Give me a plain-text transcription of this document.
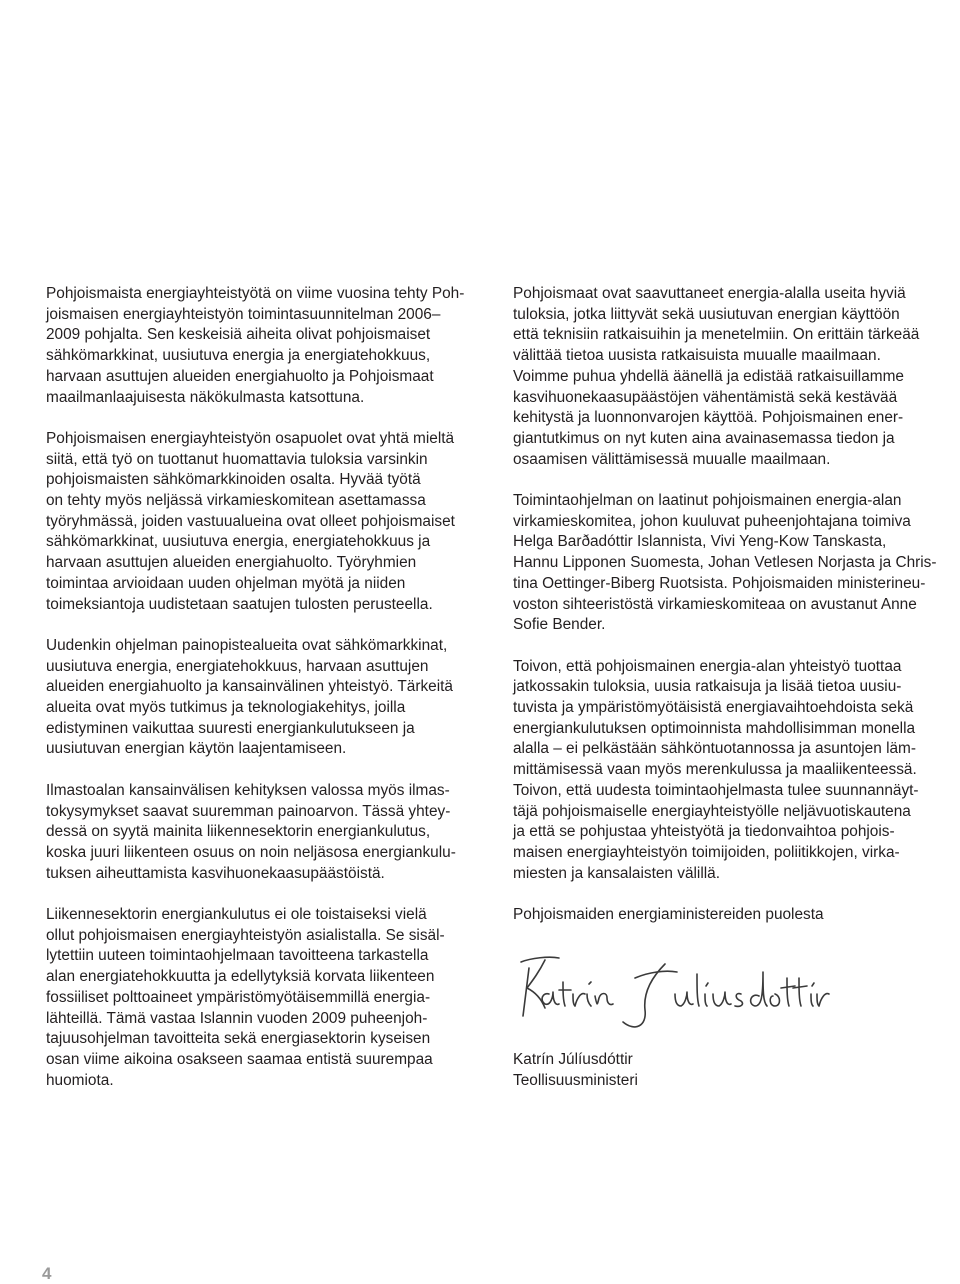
Pohjoismaista energiayhteistyötä on viime vuosina tehty Poh-
joismaisen energiayhteistyön toimintasuunnitelman 2006–
2009 pohjalta. Sen keskeisiä aiheita olivat pohjoismaiset
sähkömarkkinat, uusiutuva energia ja energiatehokkuus,
harvaan asuttujen alueiden energiahuolto ja Pohjoismaat
maailmanlaajuisesta näkökulmasta katsottuna.

Pohjoismaisen energiayhteistyön osapuolet ovat yhtä mieltä
siitä, että työ on tuottanut huomattavia tuloksia varsinkin
pohjoismaisten sähkömarkkinoiden osalta. Hyvää työtä
on tehty myös neljässä virkamieskomitean asettamassa
työryhmässä, joiden vastuualueina ovat olleet pohjoismaiset
sähkömarkkinat, uusiutuva energia, energiatehokkuus ja
harvaan asuttujen alueiden energiahuolto. Työryhmien
toimintaa arvioidaan uuden ohjelman myötä ja niiden
toimeksiantoja uudistetaan saatujen tulosten perusteella.

Uudenkin ohjelman painopistealueita ovat sähkömarkkinat,
uusiutuva energia, energiatehokkuus, harvaan asuttujen
alueiden energiahuolto ja kansainvälinen yhteistyö. Tärkeitä
alueita ovat myös tutkimus ja teknologiakehitys, joilla
edistyminen vaikuttaa suuresti energiankulutukseen ja
uusiutuvan energian käytön laajentamiseen.

Ilmastoalan kansainvälisen kehityksen valossa myös ilmas-
tokysymykset saavat suuremman painoarvon. Tässä yhtey-
dessä on syytä mainita liikennesektorin energiankulutus,
koska juuri liikenteen osuus on noin neljäsosa energiankulu-
tuksen aiheuttamista kasvihuonekaasupäästöistä.

Liikennesektorin energiankulutus ei ole toistaiseksi vielä
ollut pohjoismaisen energiayhteistyön asialistalla. Se sisäl-
lytettiin uuteen toimintaohjelmaan tavoitteena tarkastella
alan energiatehokkuutta ja edellytyksiä korvata liikenteen
fossiiliset polttoaineet ympäristömyötäisemmillä energia-
lähteillä. Tämä vastaa Islannin vuoden 2009 puheenjoh-
tajuusohjelman tavoitteita sekä energiasektorin kyseisen
osan viime aikoina osakseen saamaa entistä suurempaa
huomiota.

Pohjoismaat ovat saavuttaneet energia-alalla useita hyviä
tuloksia, jotka liittyvät sekä uusiutuvan energian käyttöön
että teknisiin ratkaisuihin ja menetelmiin. On erittäin tärkeää
välittää tietoa uusista ratkaisuista muualle maailmaan.
Voimme puhua yhdellä äänellä ja edistää ratkaisuillamme
kasvihuonekaasupäästöjen vähentämistä sekä kestävää
kehitystä ja luonnonvarojen käyttöä. Pohjoismainen ener-
giantutkimus on nyt kuten aina avainasemassa tiedon ja
osaamisen välittämisessä muualle maailmaan.

Toimintaohjelman on laatinut pohjoismainen energia-alan
virkamieskomitea, johon kuuluvat puheenjohtajana toimiva
Helga Barðadóttir Islannista, Vivi Yeng-Kow Tanskasta,
Hannu Lipponen Suomesta, Johan Vetlesen Norjasta ja Chris-
tina Oettinger-Biberg Ruotsista. Pohjoismaiden ministerineu-
voston sihteeristöstä virkamieskomiteaa on avustanut Anne
Sofie Bender.

Toivon, että pohjoismainen energia-alan yhteistyö tuottaa
jatkossakin tuloksia, uusia ratkaisuja ja lisää tietoa uusiu-
tuvista ja ympäristömyötäisistä energiavaihtoehdoista sekä
energiankulutuksen optimoinnista mahdollisimman monella
alalla – ei pelkästään sähköntuotannossa ja asuntojen läm-
mittämisessä vaan myös merenkulussa ja maaliikenteessä.
Toivon, että uudesta toimintaohjelmasta tulee suunnannäyt-
täjä pohjoismaiselle energiayhteistyölle neljävuotiskautena
ja että se pohjustaa yhteistyötä ja tiedonvaihtoa pohjois-
maisen energiayhteistyön toimijoiden, poliitikkojen, virka-
miesten ja kansalaisten välillä.

Pohjoismaiden energiaministereiden puolesta

Katrín Júlíusdóttir
Teollisuusministeri

4
